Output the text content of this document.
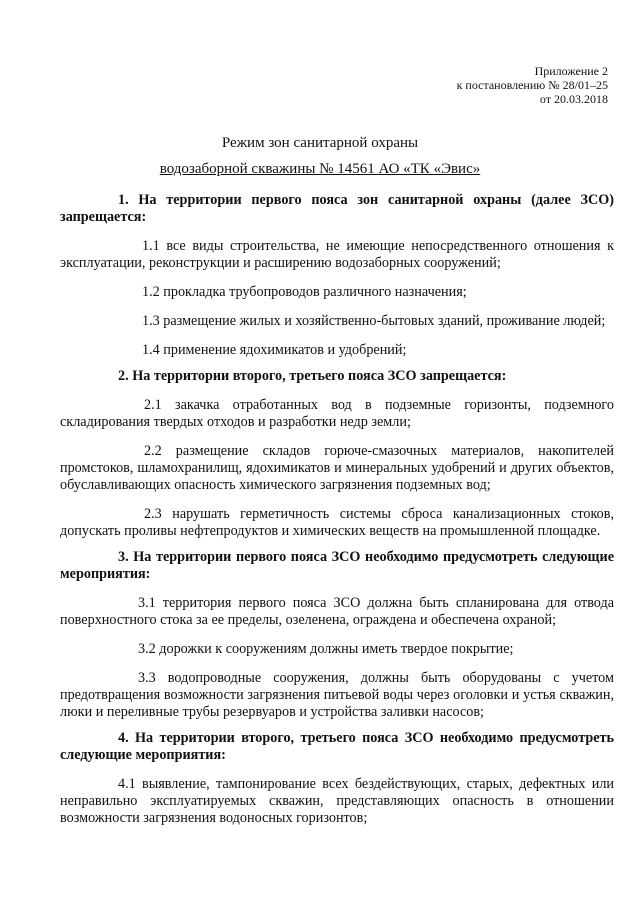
Приложение 2
к постановлению № 28/01–25
от 20.03.2018
Режим зон санитарной охраны
водозаборной скважины № 14561 АО «ТК «Эвис»

1. На территории первого пояса зон санитарной охраны (далее ЗСО) запрещается:

1.1 все виды строительства, не имеющие непосредственного отношения к эксплуатации, реконструкции и расширению водозаборных сооружений;

1.2 прокладка трубопроводов различного назначения;

1.3 размещение жилых и хозяйственно-бытовых зданий, проживание людей;

1.4 применение ядохимикатов и удобрений;

2. На территории второго, третьего пояса ЗСО запрещается:

2.1 закачка отработанных вод в подземные горизонты, подземного складирования твердых отходов и разработки недр земли;

2.2 размещение складов горюче-смазочных материалов, накопителей промстоков, шламохранилищ, ядохимикатов и минеральных удобрений и других объектов, обуславливающих опасность химического загрязнения подземных вод;

2.3 нарушать герметичность системы сброса канализационных стоков, допускать проливы нефтепродуктов и химических веществ на промышленной площадке.

3. На территории первого пояса ЗСО необходимо предусмотреть следующие мероприятия:

3.1 территория первого пояса ЗСО должна быть спланирована для отвода поверхностного стока за ее пределы, озеленена, ограждена и обеспечена охраной;

3.2 дорожки к сооружениям должны иметь твердое покрытие;

3.3 водопроводные сооружения, должны быть оборудованы с учетом предотвращения возможности загрязнения питьевой воды через оголовки и устья скважин, люки и переливные трубы резервуаров и устройства заливки насосов;

4. На территории второго, третьего пояса ЗСО необходимо предусмотреть следующие мероприятия:

4.1 выявление, тампонирование всех бездействующих, старых, дефектных или неправильно эксплуатируемых скважин, представляющих опасность в отношении возможности загрязнения водоносных горизонтов;
